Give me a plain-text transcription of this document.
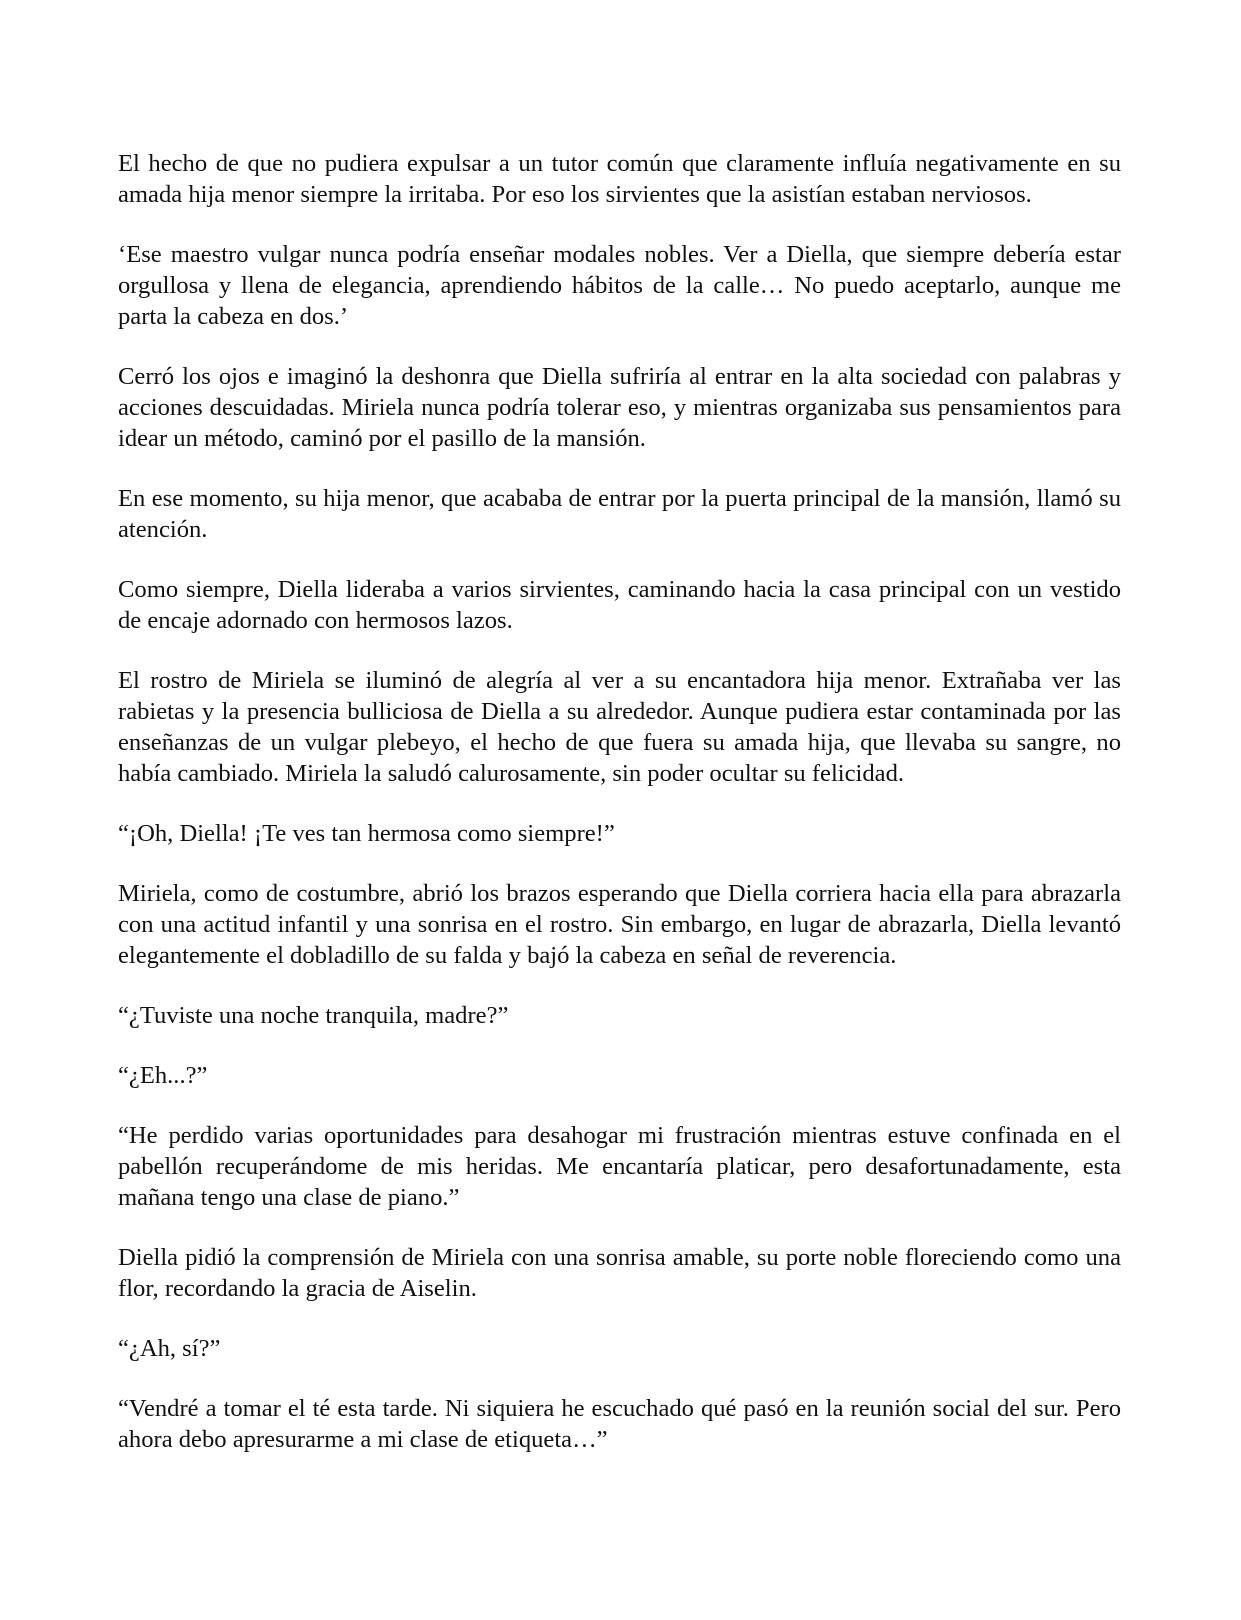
El hecho de que no pudiera expulsar a un tutor común que claramente influía negativamente en su amada hija menor siempre la irritaba. Por eso los sirvientes que la asistían estaban nerviosos.

‘Ese maestro vulgar nunca podría enseñar modales nobles. Ver a Diella, que siempre debería estar orgullosa y llena de elegancia, aprendiendo hábitos de la calle… No puedo aceptarlo, aunque me parta la cabeza en dos.’

Cerró los ojos e imaginó la deshonra que Diella sufriría al entrar en la alta sociedad con palabras y acciones descuidadas. Miriela nunca podría tolerar eso, y mientras organizaba sus pensamientos para idear un método, caminó por el pasillo de la mansión.

En ese momento, su hija menor, que acababa de entrar por la puerta principal de la mansión, llamó su atención.

Como siempre, Diella lideraba a varios sirvientes, caminando hacia la casa principal con un vestido de encaje adornado con hermosos lazos.

El rostro de Miriela se iluminó de alegría al ver a su encantadora hija menor. Extrañaba ver las rabietas y la presencia bulliciosa de Diella a su alrededor. Aunque pudiera estar contaminada por las enseñanzas de un vulgar plebeyo, el hecho de que fuera su amada hija, que llevaba su sangre, no había cambiado. Miriela la saludó calurosamente, sin poder ocultar su felicidad.

“¡Oh, Diella! ¡Te ves tan hermosa como siempre!”

Miriela, como de costumbre, abrió los brazos esperando que Diella corriera hacia ella para abrazarla con una actitud infantil y una sonrisa en el rostro. Sin embargo, en lugar de abrazarla, Diella levantó elegantemente el dobladillo de su falda y bajó la cabeza en señal de reverencia.

“¿Tuviste una noche tranquila, madre?”

“¿Eh...?”

“He perdido varias oportunidades para desahogar mi frustración mientras estuve confinada en el pabellón recuperándome de mis heridas. Me encantaría platicar, pero desafortunadamente, esta mañana tengo una clase de piano.”

Diella pidió la comprensión de Miriela con una sonrisa amable, su porte noble floreciendo como una flor, recordando la gracia de Aiselin.

“¿Ah, sí?”

“Vendré a tomar el té esta tarde. Ni siquiera he escuchado qué pasó en la reunión social del sur. Pero ahora debo apresurarme a mi clase de etiqueta…”
